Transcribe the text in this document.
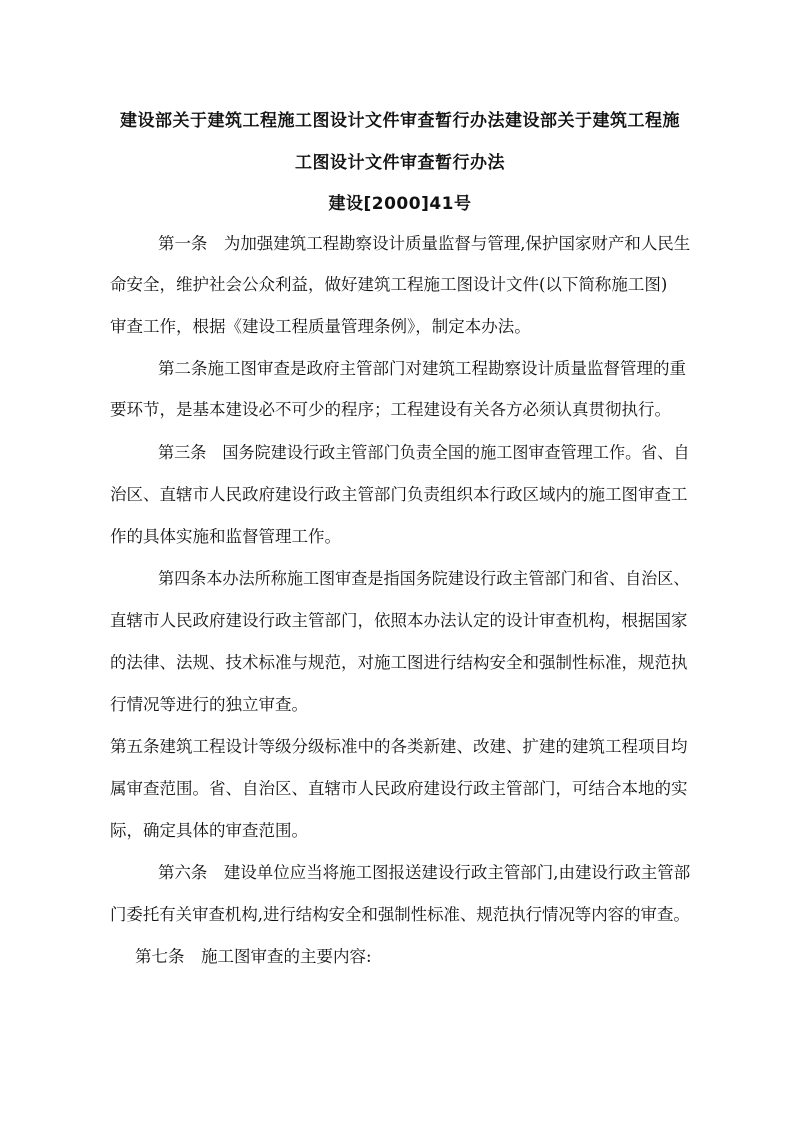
建设部关于建筑工程施工图设计文件审查暂行办法建设部关于建筑工程施
工图设计文件审查暂行办法
建设[2000]41号
第一条　为加强建筑工程勘察设计质量监督与管理,保护国家财产和人民生
命安全，维护社会公众利益，做好建筑工程施工图设计文件(以下简称施工图)
审查工作，根据《建设工程质量管理条例》，制定本办法。
第二条施工图审查是政府主管部门对建筑工程勘察设计质量监督管理的重
要环节，是基本建设必不可少的程序；工程建设有关各方必须认真贯彻执行。
第三条　国务院建设行政主管部门负责全国的施工图审查管理工作。省、自
治区、直辖市人民政府建设行政主管部门负责组织本行政区域内的施工图审查工
作的具体实施和监督管理工作。
第四条本办法所称施工图审查是指国务院建设行政主管部门和省、自治区、
直辖市人民政府建设行政主管部门，依照本办法认定的设计审查机构，根据国家
的法律、法规、技术标准与规范，对施工图进行结构安全和强制性标准，规范执
行情况等进行的独立审查。
第五条建筑工程设计等级分级标准中的各类新建、改建、扩建的建筑工程项目均
属审查范围。省、自治区、直辖市人民政府建设行政主管部门，可结合本地的实
际，确定具体的审查范围。
第六条　建设单位应当将施工图报送建设行政主管部门,由建设行政主管部
门委托有关审查机构,进行结构安全和强制性标准、规范执行情况等内容的审查。
第七条　施工图审查的主要内容:
